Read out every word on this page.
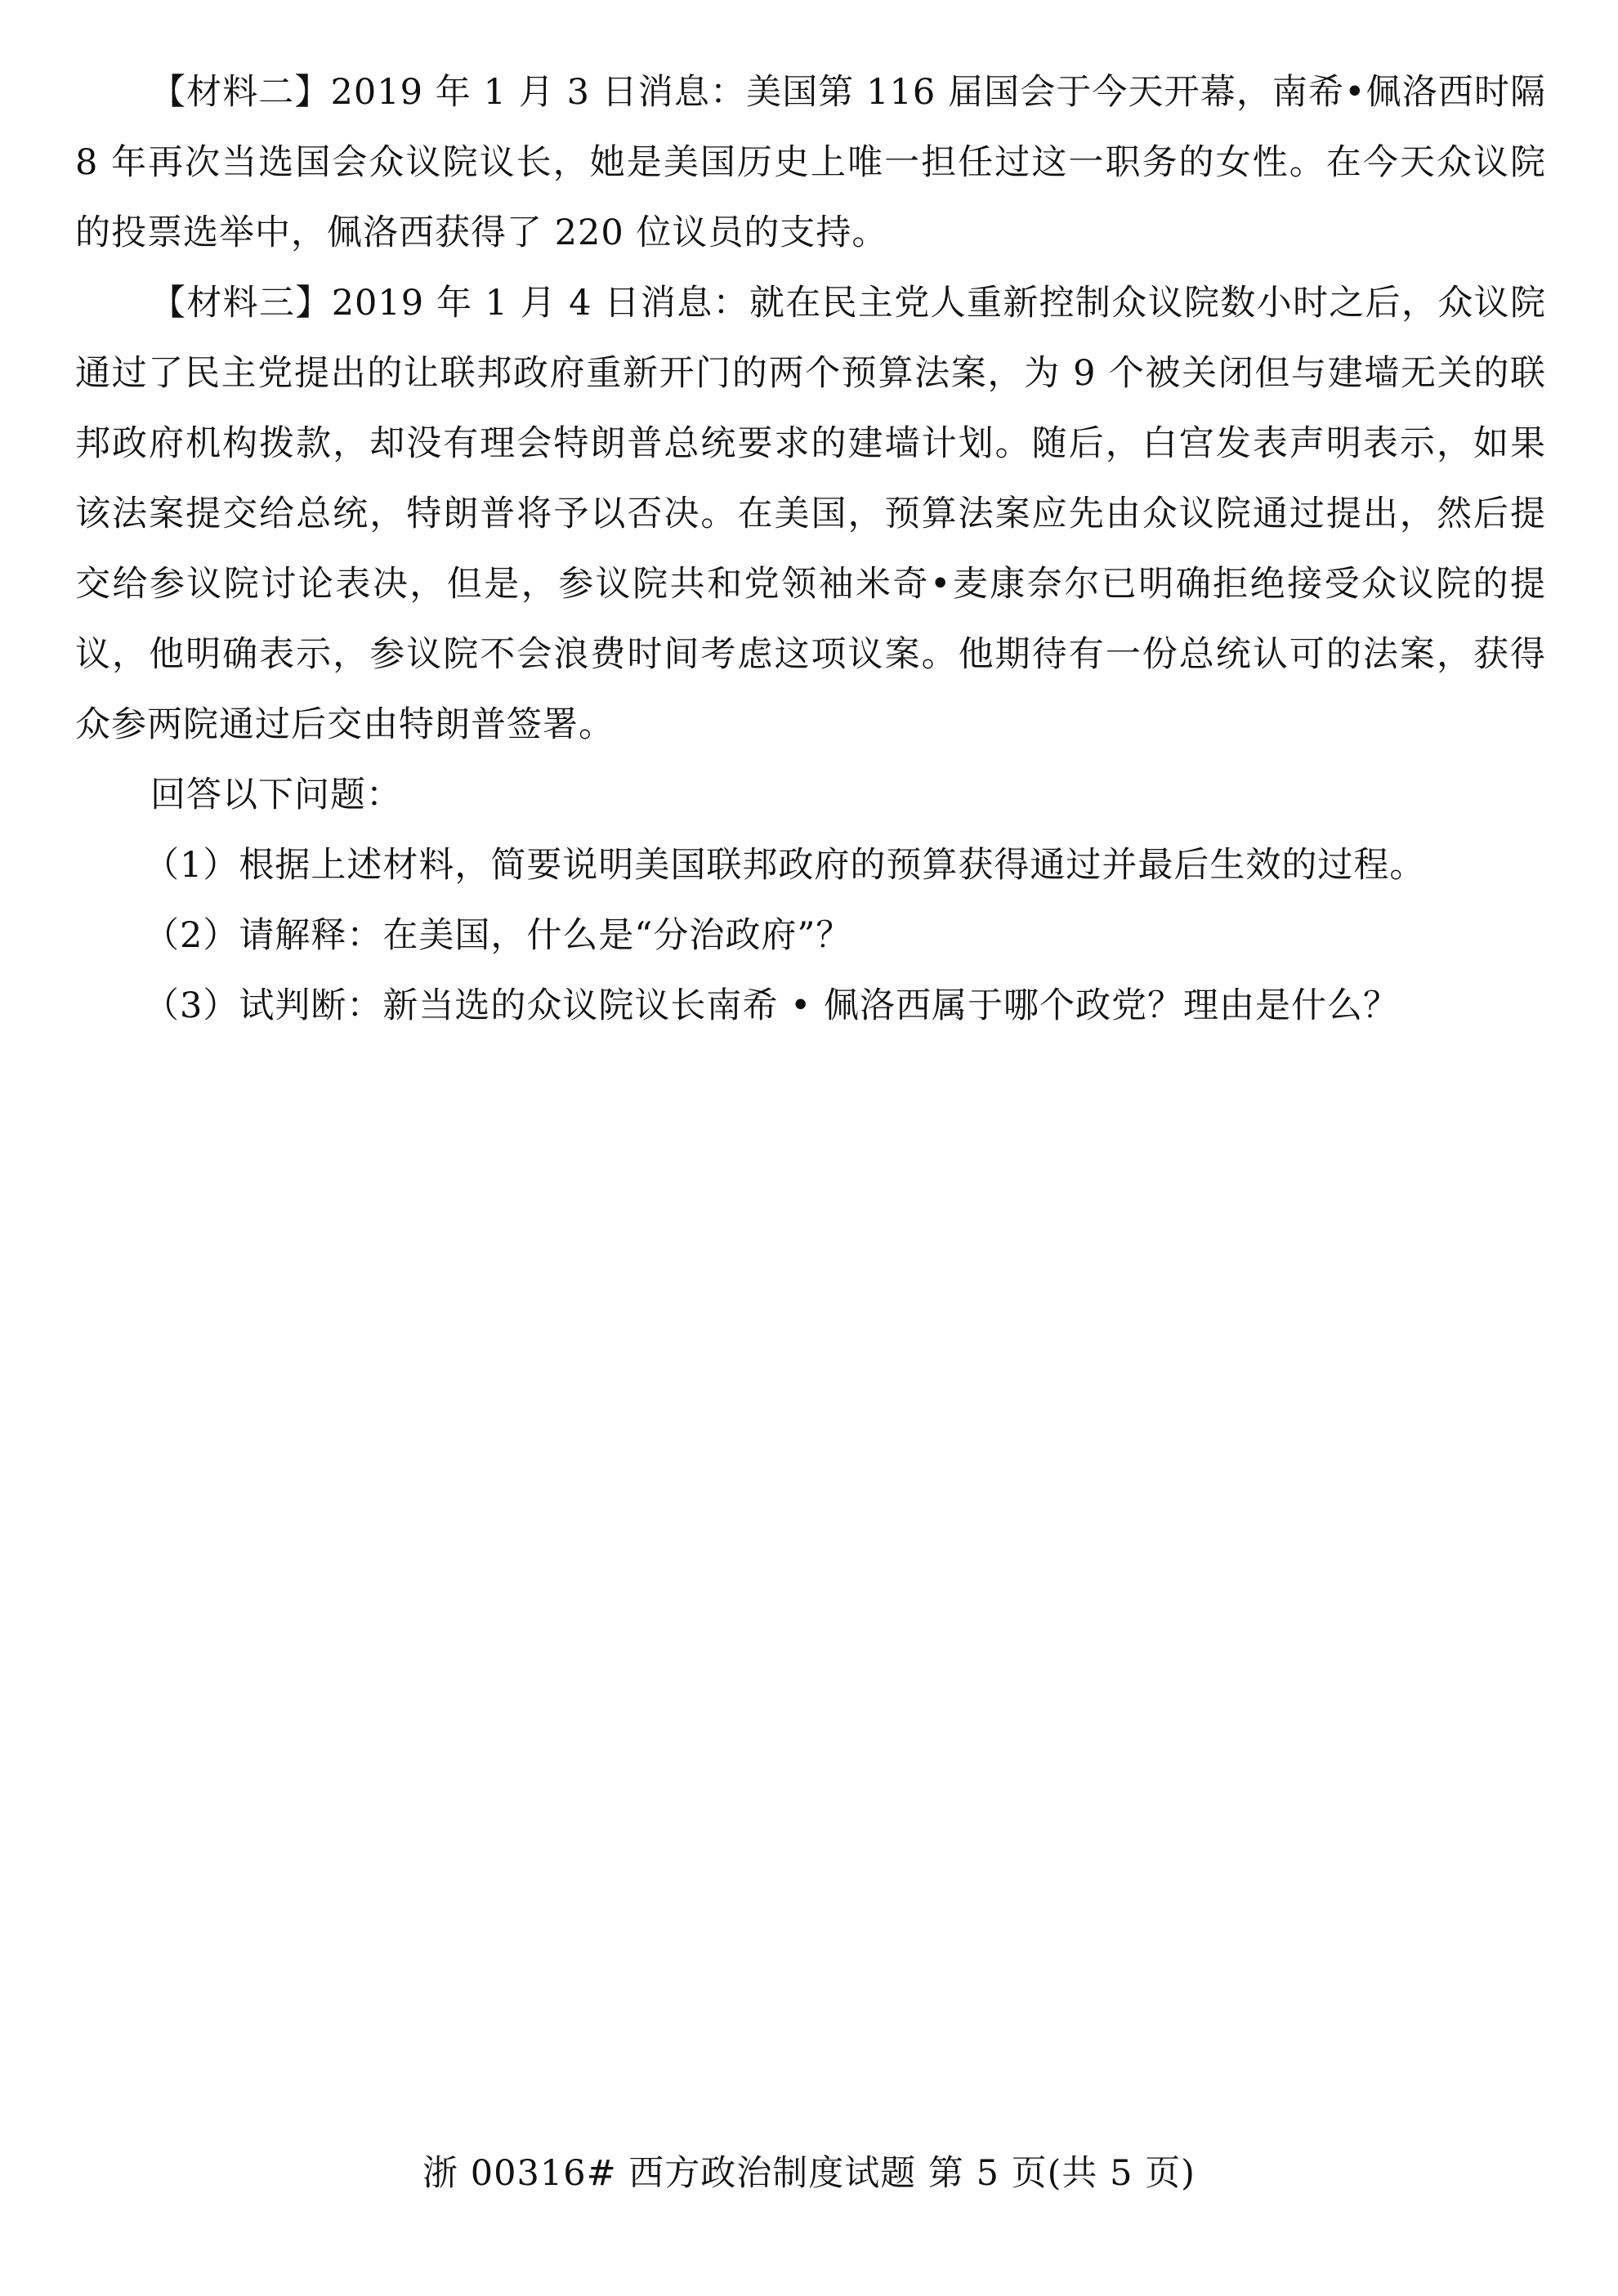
【材料二】2019 年 1 月 3 日消息：美国第 116 届国会于今天开幕，南希•佩洛西时隔 8 年再次当选国会众议院议长，她是美国历史上唯一担任过这一职务的女性。在今天众议院的投票选举中，佩洛西获得了 220 位议员的支持。

【材料三】2019 年 1 月 4 日消息：就在民主党人重新控制众议院数小时之后，众议院通过了民主党提出的让联邦政府重新开门的两个预算法案，为 9 个被关闭但与建墙无关的联邦政府机构拨款，却没有理会特朗普总统要求的建墙计划。随后，白宫发表声明表示，如果该法案提交给总统，特朗普将予以否决。在美国，预算法案应先由众议院通过提出，然后提交给参议院讨论表决，但是，参议院共和党领袖米奇•麦康奈尔已明确拒绝接受众议院的提议，他明确表示，参议院不会浪费时间考虑这项议案。他期待有一份总统认可的法案，获得众参两院通过后交由特朗普签署。

回答以下问题：

（1）根据上述材料，简要说明美国联邦政府的预算获得通过并最后生效的过程。

（2）请解释：在美国，什么是“分治政府”？

（3）试判断：新当选的众议院议长南希 • 佩洛西属于哪个政党？理由是什么？

浙 00316# 西方政治制度试题 第 5 页(共 5 页)
